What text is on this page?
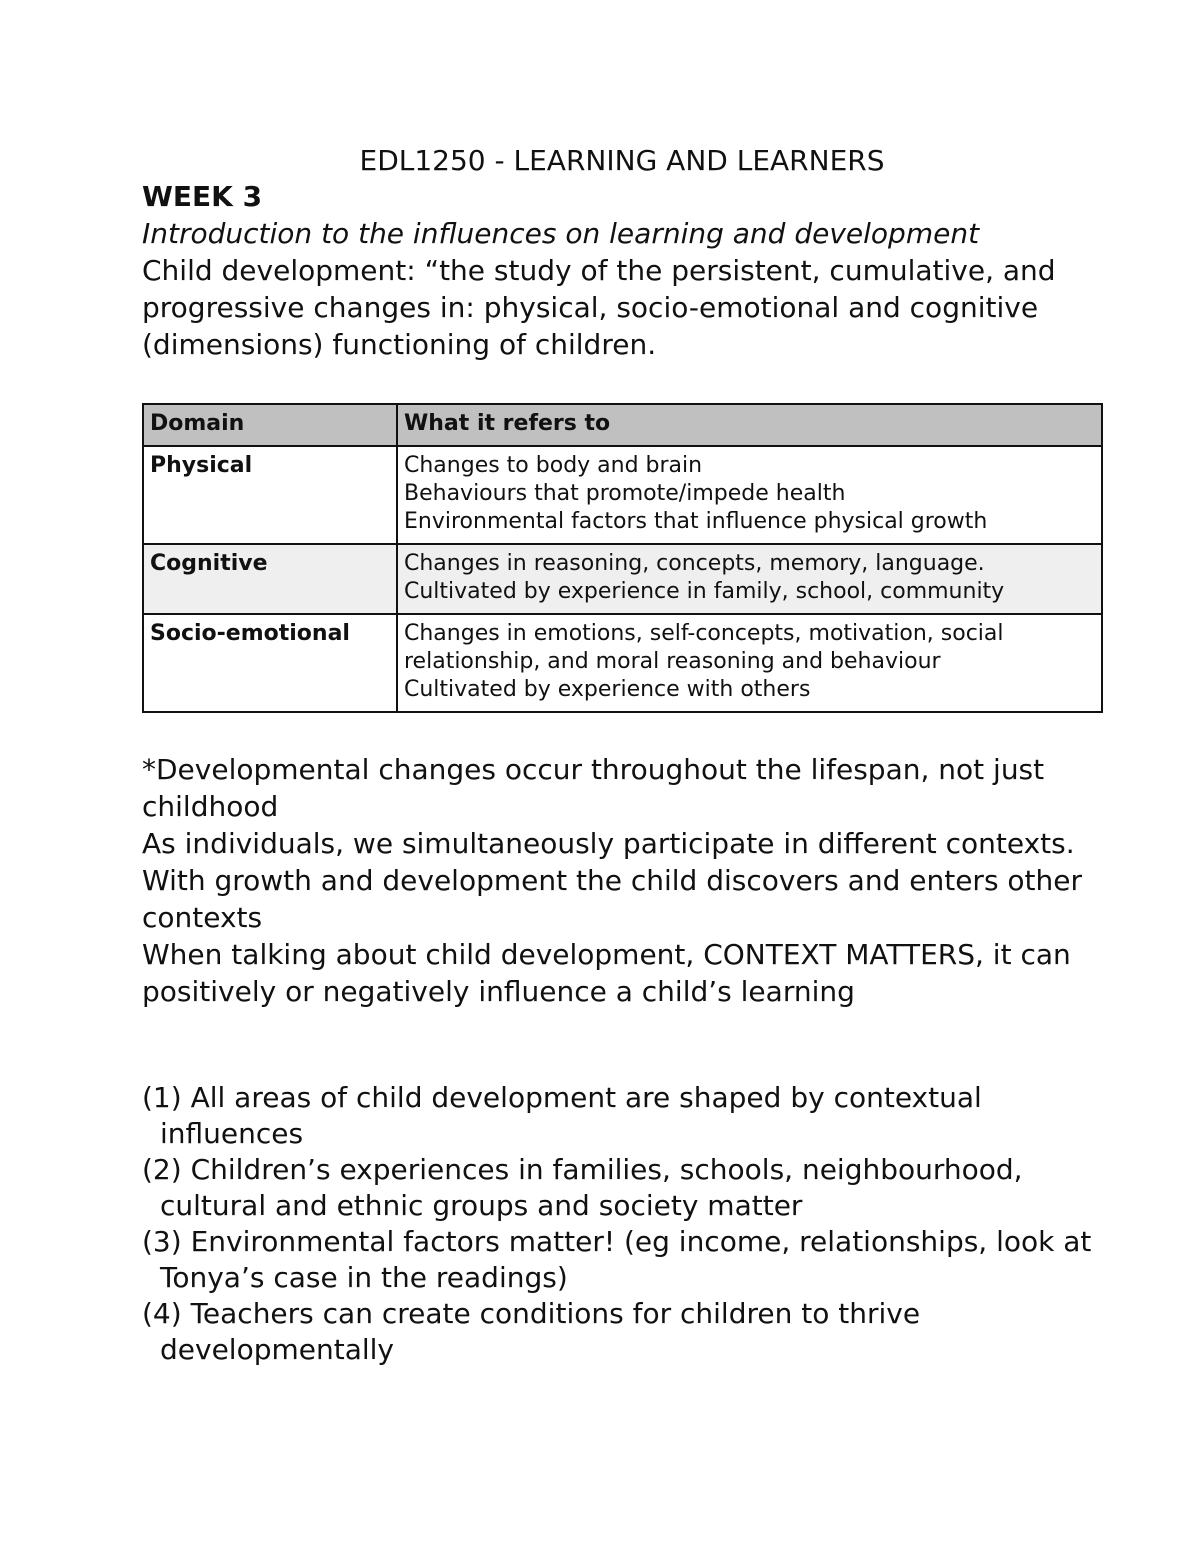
EDL1250 - LEARNING AND LEARNERS

WEEK 3

Introduction to the influences on learning and development

Child development: “the study of the persistent, cumulative, and progressive changes in: physical, socio-emotional and cognitive (dimensions) functioning of children.

Domain	What it refers to
Physical	Changes to body and brain
Behaviours that promote/impede health
Environmental factors that influence physical growth

Cognitive	Changes in reasoning, concepts, memory, language.
Cultivated by experience in family, school, community

Socio-emotional	Changes in emotions, self-concepts, motivation, social relationship, and moral reasoning and behaviour
Cultivated by experience with others

*Developmental changes occur throughout the lifespan, not just childhood

As individuals, we simultaneously participate in different contexts. With growth and development the child discovers and enters other contexts

When talking about child development, CONTEXT MATTERS, it can positively or negatively influence a child’s learning

(1) All areas of child development are shaped by contextual influences

(2) Children’s experiences in families, schools, neighbourhood, cultural and ethnic groups and society matter

(3) Environmental factors matter! (eg income, relationships, look at Tonya’s case in the readings)

(4) Teachers can create conditions for children to thrive developmentally
